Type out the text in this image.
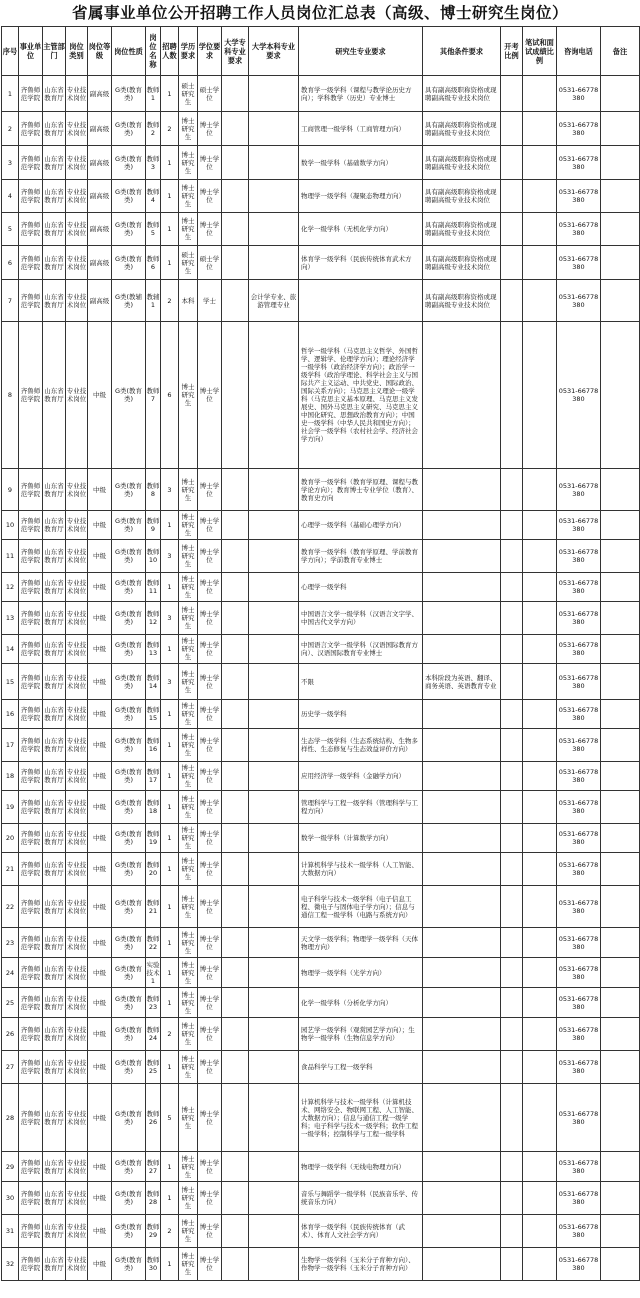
省属事业单位公开招聘工作人员岗位汇总表（高级、博士研究生岗位）
序号	事业单位	主管部门	岗位类别	岗位等级	岗位性质	岗位名称	招聘人数	学历要求	学位要求	大学专科专业要求	大学本科专业要求	研究生专业要求	其他条件要求	开考比例	笔试和面试成绩比例	咨询电话	备注
1	齐鲁师范学院	山东省教育厅	专业技术岗位	副高级	G类(教育类)	教师1	1	硕士研究生	硕士学位			教育学一级学科（课程与教学论历史方向）；学科教学（历史）专业博士	具有副高级职称资格或现聘副高级专业技术岗位			0531-66778380	
2	齐鲁师范学院	山东省教育厅	专业技术岗位	副高级	G类(教育类)	教师2	2	博士研究生	博士学位			工商管理一级学科（工商管理方向）	具有副高级职称资格或现聘副高级专业技术岗位			0531-66778380	
3	齐鲁师范学院	山东省教育厅	专业技术岗位	副高级	G类(教育类)	教师3	1	博士研究生	博士学位			数学一级学科（基础数学方向）	具有副高级职称资格或现聘副高级专业技术岗位			0531-66778380	
4	齐鲁师范学院	山东省教育厅	专业技术岗位	副高级	G类(教育类)	教师4	1	博士研究生	博士学位			物理学一级学科（凝聚态物理方向）	具有副高级职称资格或现聘副高级专业技术岗位			0531-66778380	
5	齐鲁师范学院	山东省教育厅	专业技术岗位	副高级	G类(教育类)	教师5	1	博士研究生	博士学位			化学一级学科（无机化学方向）	具有副高级职称资格或现聘副高级专业技术岗位			0531-66778380	
6	齐鲁师范学院	山东省教育厅	专业技术岗位	副高级	G类(教育类)	教师6	1	硕士研究生	硕士学位			体育学一级学科（民族传统体育武术方向）	具有副高级职称资格或现聘副高级专业技术岗位			0531-66778380	
7	齐鲁师范学院	山东省教育厅	专业技术岗位	副高级	G类(教辅类)	教辅1	2	本科	学士		会计学专业、旅游管理专业		具有副高级职称资格或现聘副高级专业技术岗位			0531-66778380	
8	齐鲁师范学院	山东省教育厅	专业技术岗位	中级	G类(教育类)	教师7	6	博士研究生	博士学位			哲学一级学科（马克思主义哲学、外国哲学、逻辑学、伦理学方向）；理论经济学一级学科（政治经济学方向）；政治学一级学科（政治学理论、科学社会主义与国际共产主义运动、中共党史、国际政治、国际关系方向）；马克思主义理论一级学科（马克思主义基本原理、马克思主义发展史、国外马克思主义研究、马克思主义中国化研究、思想政治教育方向）；中国史一级学科（中华人民共和国史方向）；社会学一级学科（农村社会学、经济社会学方向）				0531-66778380	
9	齐鲁师范学院	山东省教育厅	专业技术岗位	中级	G类(教育类)	教师8	3	博士研究生	博士学位			教育学一级学科（教育学原理、课程与教学论方向）；教育博士专业学位（教育）、教育史方向				0531-66778380	
10	齐鲁师范学院	山东省教育厅	专业技术岗位	中级	G类(教育类)	教师9	1	博士研究生	博士学位			心理学一级学科（基础心理学方向）				0531-66778380	
11	齐鲁师范学院	山东省教育厅	专业技术岗位	中级	G类(教育类)	教师10	3	博士研究生	博士学位			教育学一级学科（教育学原理、学前教育学方向）；学前教育专业博士				0531-66778380	
12	齐鲁师范学院	山东省教育厅	专业技术岗位	中级	G类(教育类)	教师11	1	博士研究生	博士学位			心理学一级学科				0531-66778380	
13	齐鲁师范学院	山东省教育厅	专业技术岗位	中级	G类(教育类)	教师12	3	博士研究生	博士学位			中国语言文学一级学科（汉语言文字学、中国古代文学方向）				0531-66778380	
14	齐鲁师范学院	山东省教育厅	专业技术岗位	中级	G类(教育类)	教师13	1	博士研究生	博士学位			中国语言文学一级学科（汉语国际教育方向）、汉语国际教育专业博士				0531-66778380	
15	齐鲁师范学院	山东省教育厅	专业技术岗位	中级	G类(教育类)	教师14	3	博士研究生	博士学位			不限	本科阶段为英语、翻译、商务英语、英语教育专业			0531-66778380	
16	齐鲁师范学院	山东省教育厅	专业技术岗位	中级	G类(教育类)	教师15	1	博士研究生	博士学位			历史学一级学科				0531-66778380	
17	齐鲁师范学院	山东省教育厅	专业技术岗位	中级	G类(教育类)	教师16	1	博士研究生	博士学位			生态学一级学科（生态系统结构、生物多样性、生态修复与生态效益评价方向）				0531-66778380	
18	齐鲁师范学院	山东省教育厅	专业技术岗位	中级	G类(教育类)	教师17	1	博士研究生	博士学位			应用经济学一级学科（金融学方向）				0531-66778380	
19	齐鲁师范学院	山东省教育厅	专业技术岗位	中级	G类(教育类)	教师18	1	博士研究生	博士学位			管理科学与工程一级学科（管理科学与工程方向）				0531-66778380	
20	齐鲁师范学院	山东省教育厅	专业技术岗位	中级	G类(教育类)	教师19	1	博士研究生	博士学位			数学一级学科（计算数学方向）				0531-66778380	
21	齐鲁师范学院	山东省教育厅	专业技术岗位	中级	G类(教育类)	教师20	1	博士研究生	博士学位			计算机科学与技术一级学科（人工智能、大数据方向）				0531-66778380	
22	齐鲁师范学院	山东省教育厅	专业技术岗位	中级	G类(教育类)	教师21	1	博士研究生	博士学位			电子科学与技术一级学科（电子信息工程、微电子与固体电子学方向）；信息与通信工程一级学科（电路与系统方向）				0531-66778380	
23	齐鲁师范学院	山东省教育厅	专业技术岗位	中级	G类(教育类)	教师22	1	博士研究生	博士学位			天文学一级学科；物理学一级学科（天体物理方向）				0531-66778380	
24	齐鲁师范学院	山东省教育厅	专业技术岗位	中级	G类(教育类)	实验技术1	1	博士研究生	博士学位			物理学一级学科（光学方向）				0531-66778380	
25	齐鲁师范学院	山东省教育厅	专业技术岗位	中级	G类(教育类)	教师23	1	博士研究生	博士学位			化学一级学科（分析化学方向）				0531-66778380	
26	齐鲁师范学院	山东省教育厅	专业技术岗位	中级	G类(教育类)	教师24	2	博士研究生	博士学位			园艺学一级学科（观赏园艺学方向）；生物学一级学科（生物信息学方向）				0531-66778380	
27	齐鲁师范学院	山东省教育厅	专业技术岗位	中级	G类(教育类)	教师25	1	博士研究生	博士学位			食品科学与工程一级学科				0531-66778380	
28	齐鲁师范学院	山东省教育厅	专业技术岗位	中级	G类(教育类)	教师26	5	博士研究生	博士学位			计算机科学与技术一级学科（计算机技术、网络安全、物联网工程、人工智能、大数据方向）；信息与通信工程一级学科；电子科学与技术一级学科；软件工程一级学科；控制科学与工程一级学科				0531-66778380	
29	齐鲁师范学院	山东省教育厅	专业技术岗位	中级	G类(教育类)	教师27	1	博士研究生	博士学位			物理学一级学科（无线电物理方向）				0531-66778380	
30	齐鲁师范学院	山东省教育厅	专业技术岗位	中级	G类(教育类)	教师28	1	博士研究生	博士学位			音乐与舞蹈学一级学科（民族音乐学、传统音乐方向）				0531-66778380	
31	齐鲁师范学院	山东省教育厅	专业技术岗位	中级	G类(教育类)	教师29	2	博士研究生	博士学位			体育学一级学科（民族传统体育（武术）、体育人文社会学方向）				0531-66778380	
32	齐鲁师范学院	山东省教育厅	专业技术岗位	中级	G类(教育类)	教师30	1	博士研究生	博士学位			生物学一级学科（玉米分子育种方向）、作物学一级学科（玉米分子育种方向）				0531-66778380	
